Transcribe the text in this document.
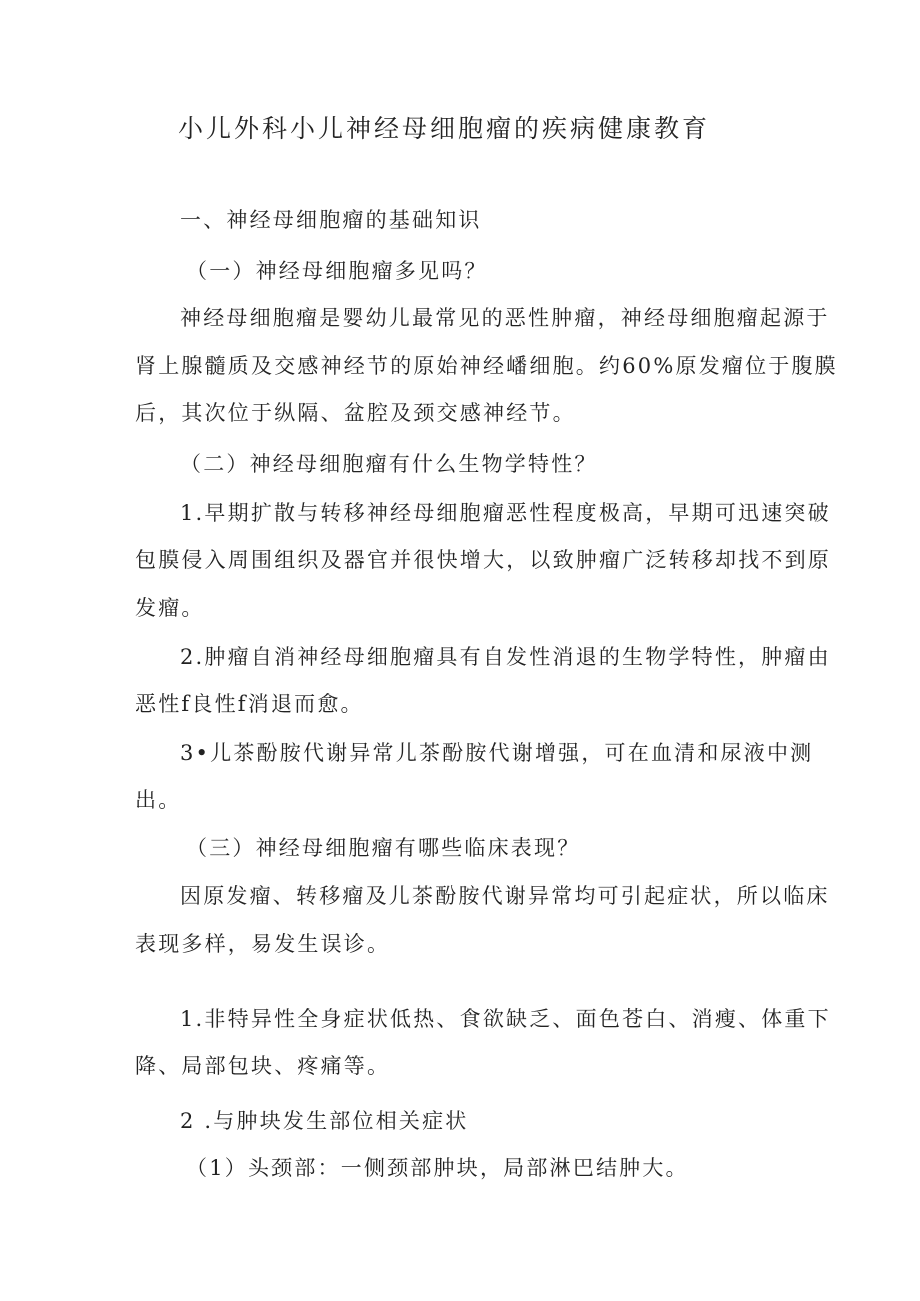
小儿外科小儿神经母细胞瘤的疾病健康教育
一、神经母细胞瘤的基础知识
（一）神经母细胞瘤多见吗？
神经母细胞瘤是婴幼儿最常见的恶性肿瘤，神经母细胞瘤起源于
肾上腺髓质及交感神经节的原始神经嶓细胞。约60%原发瘤位于腹膜
后，其次位于纵隔、盆腔及颈交感神经节。
（二）神经母细胞瘤有什么生物学特性？
1.早期扩散与转移神经母细胞瘤恶性程度极高，早期可迅速突破
包膜侵入周围组织及器官并很快增大，以致肿瘤广泛转移却找不到原
发瘤。
2.肿瘤自消神经母细胞瘤具有自发性消退的生物学特性，肿瘤由
恶性f良性f消退而愈。
3•儿茶酚胺代谢异常儿茶酚胺代谢增强，可在血清和尿液中测
出。
（三）神经母细胞瘤有哪些临床表现？
因原发瘤、转移瘤及儿茶酚胺代谢异常均可引起症状，所以临床
表现多样，易发生误诊。
1.非特异性全身症状低热、食欲缺乏、面色苍白、消瘦、体重下
降、局部包块、疼痛等。
2 .与肿块发生部位相关症状
（1）头颈部：一侧颈部肿块，局部淋巴结肿大。
